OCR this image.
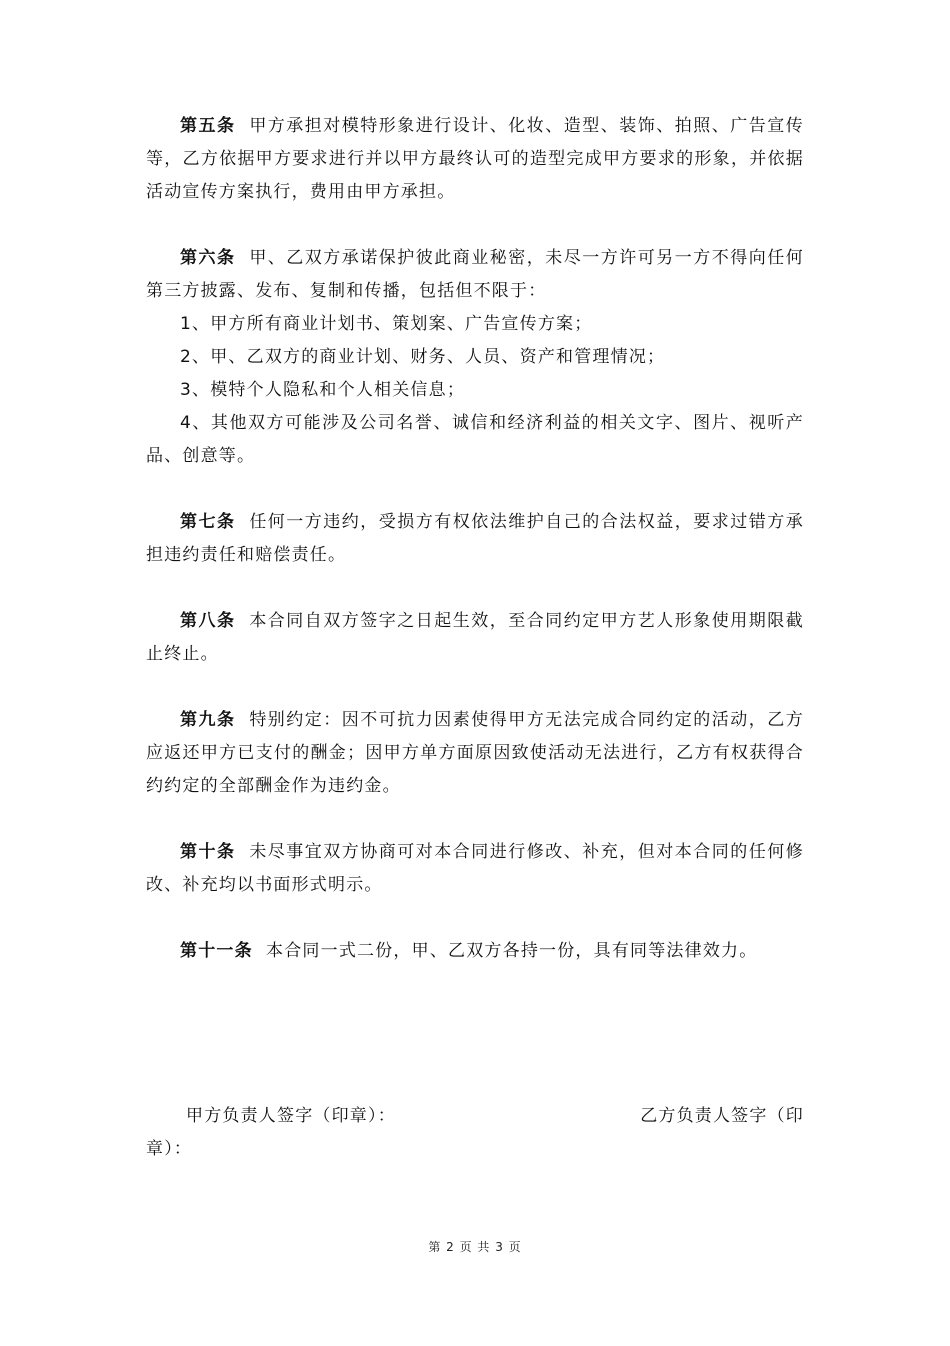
第五条 甲方承担对模特形象进行设计、化妆、造型、装饰、拍照、广告宣传等，乙方依据甲方要求进行并以甲方最终认可的造型完成甲方要求的形象，并依据活动宣传方案执行，费用由甲方承担。

第六条 甲、乙双方承诺保护彼此商业秘密，未尽一方许可另一方不得向任何第三方披露、发布、复制和传播，包括但不限于：

1、甲方所有商业计划书、策划案、广告宣传方案；

2、甲、乙双方的商业计划、财务、人员、资产和管理情况；

3、模特个人隐私和个人相关信息；

4、其他双方可能涉及公司名誉、诚信和经济利益的相关文字、图片、视听产品、创意等。

第七条 任何一方违约，受损方有权依法维护自己的合法权益，要求过错方承担违约责任和赔偿责任。

第八条 本合同自双方签字之日起生效，至合同约定甲方艺人形象使用期限截止终止。

第九条 特别约定：因不可抗力因素使得甲方无法完成合同约定的活动，乙方应返还甲方已支付的酬金；因甲方单方面原因致使活动无法进行，乙方有权获得合约约定的全部酬金作为违约金。

第十条 未尽事宜双方协商可对本合同进行修改、补充，但对本合同的任何修改、补充均以书面形式明示。

第十一条 本合同一式二份，甲、乙双方各持一份，具有同等法律效力。

甲方负责人签字（印章）：	乙方负责人签字（印
章）：
第 2 页 共 3 页
